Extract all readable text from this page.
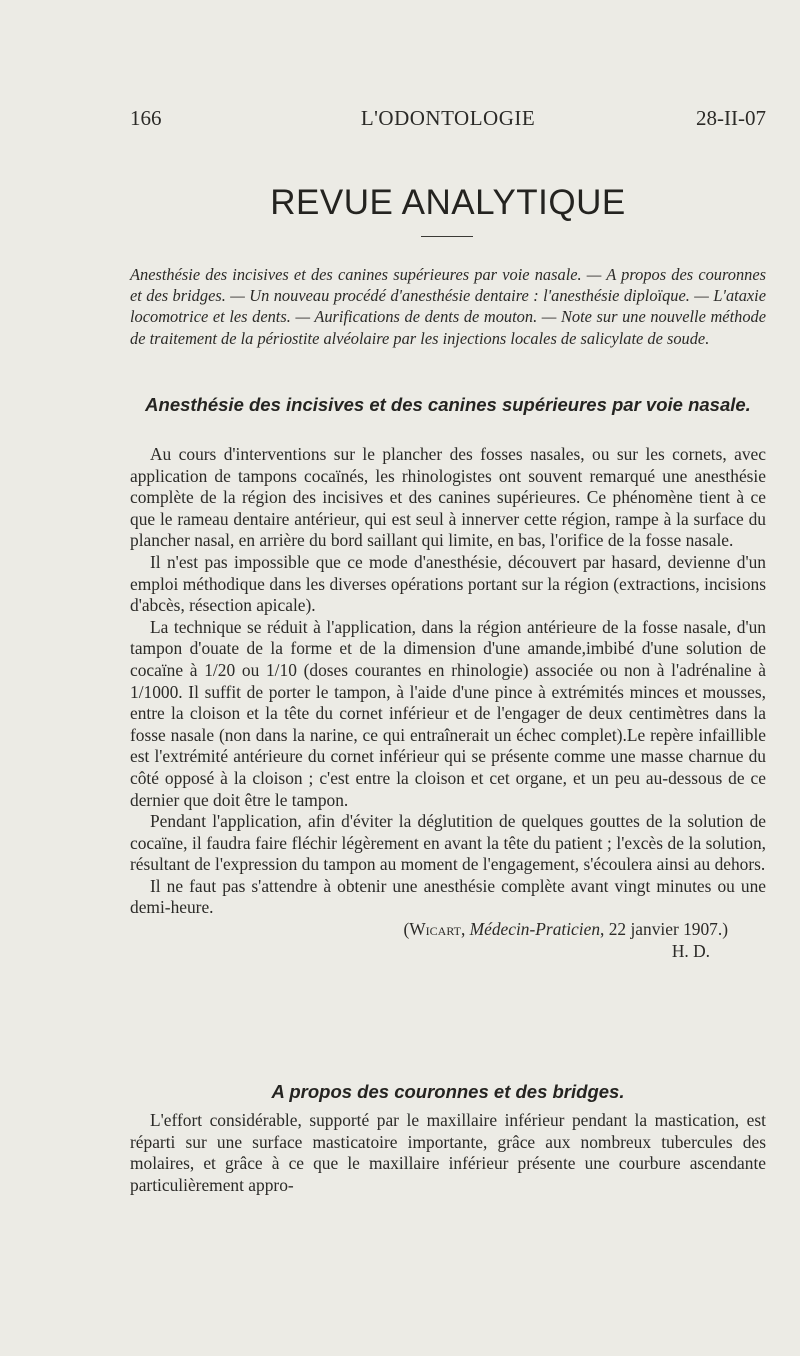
L'ODONTOLOGIE
166	28-II-07
REVUE ANALYTIQUE

Anesthésie des incisives et des canines supérieures par voie nasale. — A propos des couronnes et des bridges. — Un nouveau procédé d'anesthésie dentaire : l'anesthésie diploïque. — L'ataxie locomotrice et les dents. — Aurifications de dents de mouton. — Note sur une nouvelle méthode de traitement de la périostite alvéolaire par les injections locales de salicylate de soude.

Anesthésie des incisives et des canines supérieures par voie nasale.

Au cours d'interventions sur le plancher des fosses nasales, ou sur les cornets, avec application de tampons cocaïnés, les rhinologistes ont souvent remarqué une anesthésie complète de la région des incisives et des canines supérieures. Ce phénomène tient à ce que le rameau dentaire antérieur, qui est seul à innerver cette région, rampe à la surface du plancher nasal, en arrière du bord saillant qui limite, en bas, l'orifice de la fosse nasale.

Il n'est pas impossible que ce mode d'anesthésie, découvert par hasard, devienne d'un emploi méthodique dans les diverses opérations portant sur la région (extractions, incisions d'abcès, résection apicale).

La technique se réduit à l'application, dans la région antérieure de la fosse nasale, d'un tampon d'ouate de la forme et de la dimension d'une amande,imbibé d'une solution de cocaïne à 1/20 ou 1/10 (doses courantes en rhinologie) associée ou non à l'adrénaline à 1/1000. Il suffit de porter le tampon, à l'aide d'une pince à extrémités minces et mousses, entre la cloison et la tête du cornet inférieur et de l'engager de deux centimètres dans la fosse nasale (non dans la narine, ce qui entraînerait un échec complet).Le repère infaillible est l'extrémité antérieure du cornet inférieur qui se présente comme une masse charnue du côté opposé à la cloison ; c'est entre la cloison et cet organe, et un peu au-dessous de ce dernier que doit être le tampon.

Pendant l'application, afin d'éviter la déglutition de quelques gouttes de la solution de cocaïne, il faudra faire fléchir légèrement en avant la tête du patient ; l'excès de la solution, résultant de l'expression du tampon au moment de l'engagement, s'écoulera ainsi au dehors.

Il ne faut pas s'attendre à obtenir une anesthésie complète avant vingt minutes ou une demi-heure.

(Wicart, Médecin-Praticien, 22 janvier 1907.)

H. D.

A propos des couronnes et des bridges.

L'effort considérable, supporté par le maxillaire inférieur pendant la mastication, est réparti sur une surface masticatoire importante, grâce aux nombreux tubercules des molaires, et grâce à ce que le maxillaire inférieur présente une courbure ascendante particulièrement appro-
